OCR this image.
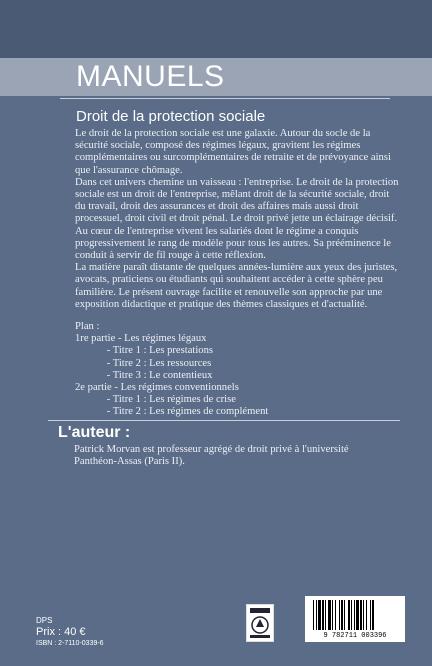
MANUELS
Droit de la protection sociale

Le droit de la protection sociale est une galaxie. Autour du socle de la sécurité sociale, composé des régimes légaux, gravitent les régimes complémentaires ou surcomplémentaires de retraite et de prévoyance ainsi que l'assurance chômage.

Dans cet univers chemine un vaisseau : l'entreprise. Le droit de la protection sociale est un droit de l'entreprise, mêlant droit de la sécurité sociale, droit du travail, droit des assurances et droit des affaires mais aussi droit processuel, droit civil et droit pénal. Le droit privé jette un éclairage décisif. Au cœur de l'entreprise vivent les salariés dont le régime a conquis progressivement le rang de modèle pour tous les autres. Sa prééminence le conduit à servir de fil rouge à cette réflexion.

La matière paraît distante de quelques années-lumière aux yeux des juristes, avocats, praticiens ou étudiants qui souhaitent accéder à cette sphère peu familière. Le présent ouvrage facilite et renouvelle son approche par une exposition didactique et pratique des thèmes classiques et d'actualité.

Plan :
1re partie - Les régimes légaux
- Titre 1 : Les prestations
- Titre 2 : Les ressources
- Titre 3 : Le contentieux
2e partie - Les régimes conventionnels
- Titre 1 : Les régimes de crise
- Titre 2 : Les régimes de complément
L'auteur :
Patrick Morvan est professeur agrégé de droit privé à l'université Panthéon-Assas (Paris II).
DPS
Prix : 40 €
ISBN : 2-7110-0339-6
9 782711 003396
